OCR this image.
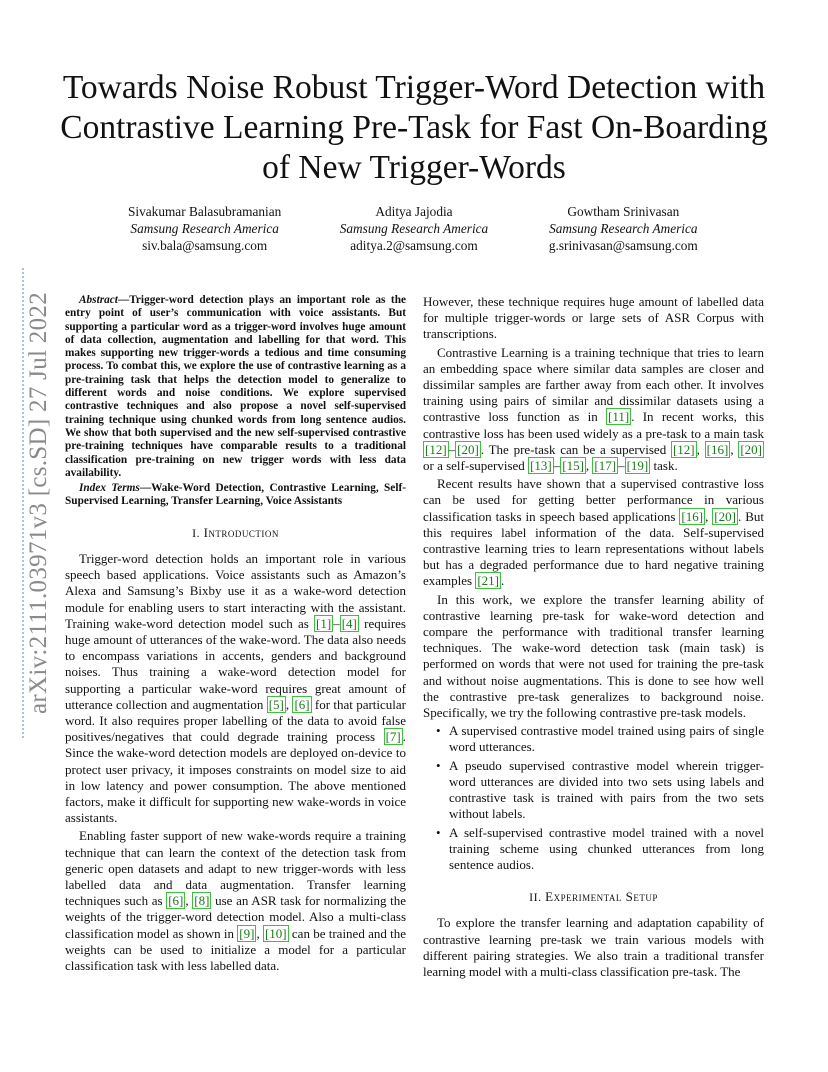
arXiv:2111.03971v3 [cs.SD] 27 Jul 2022
Towards Noise Robust Trigger-Word Detection with Contrastive Learning Pre-Task for Fast On-Boarding of New Trigger-Words
Sivakumar Balasubramanian
Samsung Research America
siv.bala@samsung.com
Aditya Jajodia
Samsung Research America
aditya.2@samsung.com
Gowtham Srinivasan
Samsung Research America
g.srinivasan@samsung.com

Abstract—Trigger-word detection plays an important role as the entry point of user’s communication with voice assistants. But supporting a particular word as a trigger-word involves huge amount of data collection, augmentation and labelling for that word. This makes supporting new trigger-words a tedious and time consuming process. To combat this, we explore the use of contrastive learning as a pre-training task that helps the detection model to generalize to different words and noise conditions. We explore supervised contrastive techniques and also propose a novel self-supervised training technique using chunked words from long sentence audios. We show that both supervised and the new self-supervised contrastive pre-training techniques have comparable results to a traditional classification pre-training on new trigger words with less data availability.

Index Terms—Wake-Word Detection, Contrastive Learning, Self-Supervised Learning, Transfer Learning, Voice Assistants

I. Introduction

Trigger-word detection holds an important role in various speech based applications. Voice assistants such as Amazon’s Alexa and Samsung’s Bixby use it as a wake-word detection module for enabling users to start interacting with the assistant. Training wake-word detection model such as [1] – [4] requires huge amount of utterances of the wake-word. The data also needs to encompass variations in accents, genders and background noises. Thus training a wake-word detection model for supporting a particular wake-word requires great amount of utterance collection and augmentation [5] , [6] for that particular word. It also requires proper labelling of the data to avoid false positives/negatives that could degrade training process [7] . Since the wake-word detection models are deployed on-device to protect user privacy, it imposes constraints on model size to aid in low latency and power consumption. The above mentioned factors, make it difficult for supporting new wake-words in voice assistants.

Enabling faster support of new wake-words require a training technique that can learn the context of the detection task from generic open datasets and adapt to new trigger-words with less labelled data and data augmentation. Transfer learning techniques such as [6] , [8] use an ASR task for normalizing the weights of the trigger-word detection model. Also a multi-class classification model as shown in [9] , [10] can be trained and the weights can be used to initialize a model for a particular classification task with less labelled data.

However, these technique requires huge amount of labelled data for multiple trigger-words or large sets of ASR Corpus with transcriptions.

Contrastive Learning is a training technique that tries to learn an embedding space where similar data samples are closer and dissimilar samples are farther away from each other. It involves training using pairs of similar and dissimilar datasets using a contrastive loss function as in [11] . In recent works, this contrastive loss has been used widely as a pre-task to a main task [12] – [20] . The pre-task can be a supervised [12] , [16] , [20] or a self-supervised [13] – [15] , [17] – [19] task.

Recent results have shown that a supervised contrastive loss can be used for getting better performance in various classification tasks in speech based applications [16] , [20] . But this requires label information of the data. Self-supervised contrastive learning tries to learn representations without labels but has a degraded performance due to hard negative training examples [21] .

In this work, we explore the transfer learning ability of contrastive learning pre-task for wake-word detection and compare the performance with traditional transfer learning techniques. The wake-word detection task (main task) is performed on words that were not used for training the pre-task and without noise augmentations. This is done to see how well the contrastive pre-task generalizes to background noise. Specifically, we try the following contrastive pre-task models.

• A supervised contrastive model trained using pairs of single word utterances.
• A pseudo supervised contrastive model wherein trigger-word utterances are divided into two sets using labels and contrastive task is trained with pairs from the two sets without labels.
• A self-supervised contrastive model trained with a novel training scheme using chunked utterances from long sentence audios.
II. Experimental Setup

To explore the transfer learning and adaptation capability of contrastive learning pre-task we train various models with different pairing strategies. We also train a traditional transfer learning model with a multi-class classification pre-task. The
